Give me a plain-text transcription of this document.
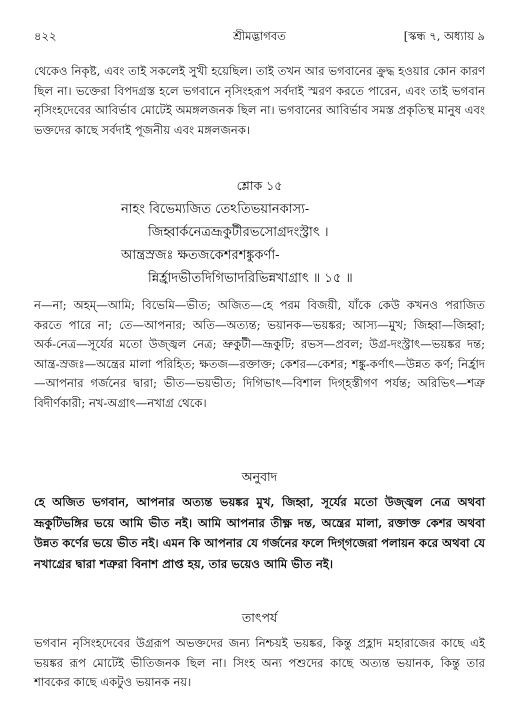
৪২২	শ্রীমদ্ভাগবত	[স্কন্ধ ৭, অধ্যায় ৯

থেকেও নিকৃষ্ট, এবং তাই সকলেই সুখী হয়েছিল। তাই তখন আর ভগবানের ক্রুদ্ধ হওয়ার কোন কারণ ছিল না। ভক্তেরা বিপদগ্রস্ত হলে ভগবানে নৃসিংহরূপ সর্বদাই স্মরণ করতে পারেন, এবং তাই ভগবান নৃসিংহদেবের আবির্ভাব মোটেই অমঙ্গলজনক ছিল না। ভগবানের আবির্ভাব সমস্ত প্রকৃতিস্থ মানুষ এবং ভক্তদের কাছে সর্বদাই পূজনীয় এবং মঙ্গলজনক।

শ্লোক ১৫
নাহং বিভেম্যজিত তেঽতিভয়ানকাস্য-
জিহ্বার্কনেত্রভ্রূকুটীরভসোগ্রদংস্ট্রাৎ ।
আন্ত্রস্রজঃ ক্ষতজকেশরশঙ্কুকর্ণা-
ন্নির্হ্রাদভীতদিগিভাদরিভিন্নখাগ্রাৎ ॥ ১৫ ॥

ন—না; অহম্—আমি; বিভেমি—ভীত; অজিত—হে পরম বিজয়ী, যাঁকে কেউ কখনও পরাজিত করতে পারে না; তে—আপনার; অতি—অত্যন্ত; ভয়ানক—ভয়ঙ্কর; আস্য—মুখ; জিহ্বা—জিহ্বা; অর্ক-নেত্র—সূর্যের মতো উজ্জ্বল নেত্র; ভ্রুকুটী—ভ্রূকুটি; রভস—প্রবল; উগ্র-দংস্ট্রাৎ—ভয়ঙ্কর দন্ত; আন্ত্র-স্রজঃ—অন্ত্রের মালা পরিহিত; ক্ষতজ—রক্তাক্ত; কেশর—কেশর; শঙ্কু-কর্ণাৎ—উন্নত কর্ণ; নির্হ্রাদ—আপনার গর্জনের দ্বারা; ভীত—ভয়ভীত; দিগিভাৎ—বিশাল দিগ্‌হস্তীগণ পর্যন্ত; অরিভিৎ—শত্রু বিদীর্ণকারী; নখ-অগ্রাৎ—নখাগ্র থেকে।

অনুবাদ

হে অজিত ভগবান, আপনার অত্যন্ত ভয়ঙ্কর মুখ, জিহ্বা, সূর্যের মতো উজ্জ্বল নেত্র অথবা ভ্রূকুটিভঙ্গির ভয়ে আমি ভীত নই। আমি আপনার তীক্ষ্ণ দন্ত, অন্ত্রের মালা, রক্তাক্ত কেশর অথবা উন্নত কর্ণের ভয়ে ভীত নই। এমন কি আপনার যে গর্জনের ফলে দিগ্‌গজেরা পলায়ন করে অথবা যে নখাগ্রের দ্বারা শত্রুরা বিনাশ প্রাপ্ত হয়, তার ভয়েও আমি ভীত নই।

তাৎপর্য

ভগবান নৃসিংহদেবের উগ্ররূপ অভক্তদের জন্য নিশ্চয়ই ভয়ঙ্কর, কিন্তু প্রহ্লাদ মহারাজের কাছে এই ভয়ঙ্কর রূপ মোটেই ভীতিজনক ছিল না। সিংহ অন্য পশুদের কাছে অত্যন্ত ভয়ানক, কিন্তু তার শাবকের কাছে একটুও ভয়ানক নয়।
